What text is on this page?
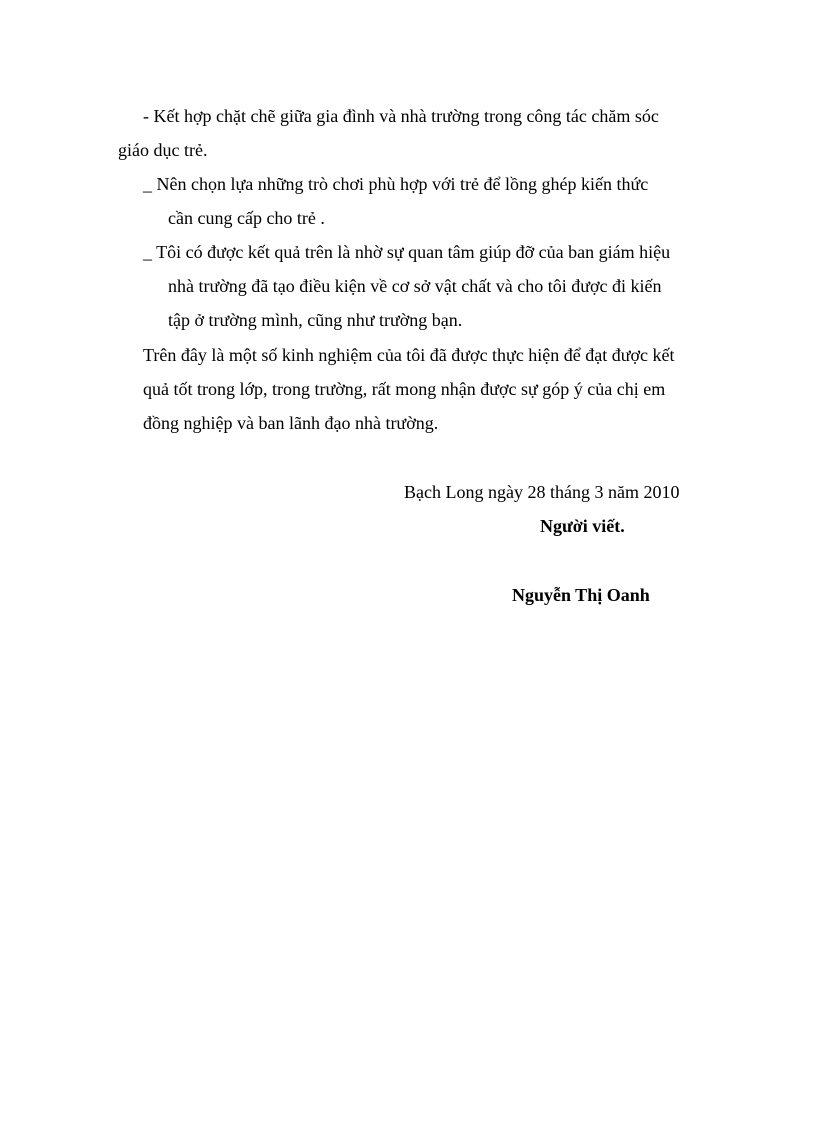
- Kết hợp chặt chẽ giữa gia đình và nhà trường trong công tác chăm sóc
giáo dục trẻ.
_ Nên chọn lựa những trò chơi phù hợp với trẻ để lồng ghép kiến thức
cần cung cấp cho trẻ .
_ Tôi có được kết quả trên là nhờ sự quan tâm giúp đỡ của ban giám hiệu
nhà trường đã tạo điều kiện về cơ sở vật chất và cho tôi được đi kiến
tập ở trường mình, cũng như trường bạn.
Trên đây là một số kinh nghiệm của tôi đã được thực hiện để đạt được kết
quả tốt trong lớp, trong trường, rất mong nhận được sự góp ý của chị em
đồng nghiệp và ban lãnh đạo nhà trường.
Bạch Long ngày 28 tháng 3 năm 2010
Người viết.
Nguyễn Thị Oanh
